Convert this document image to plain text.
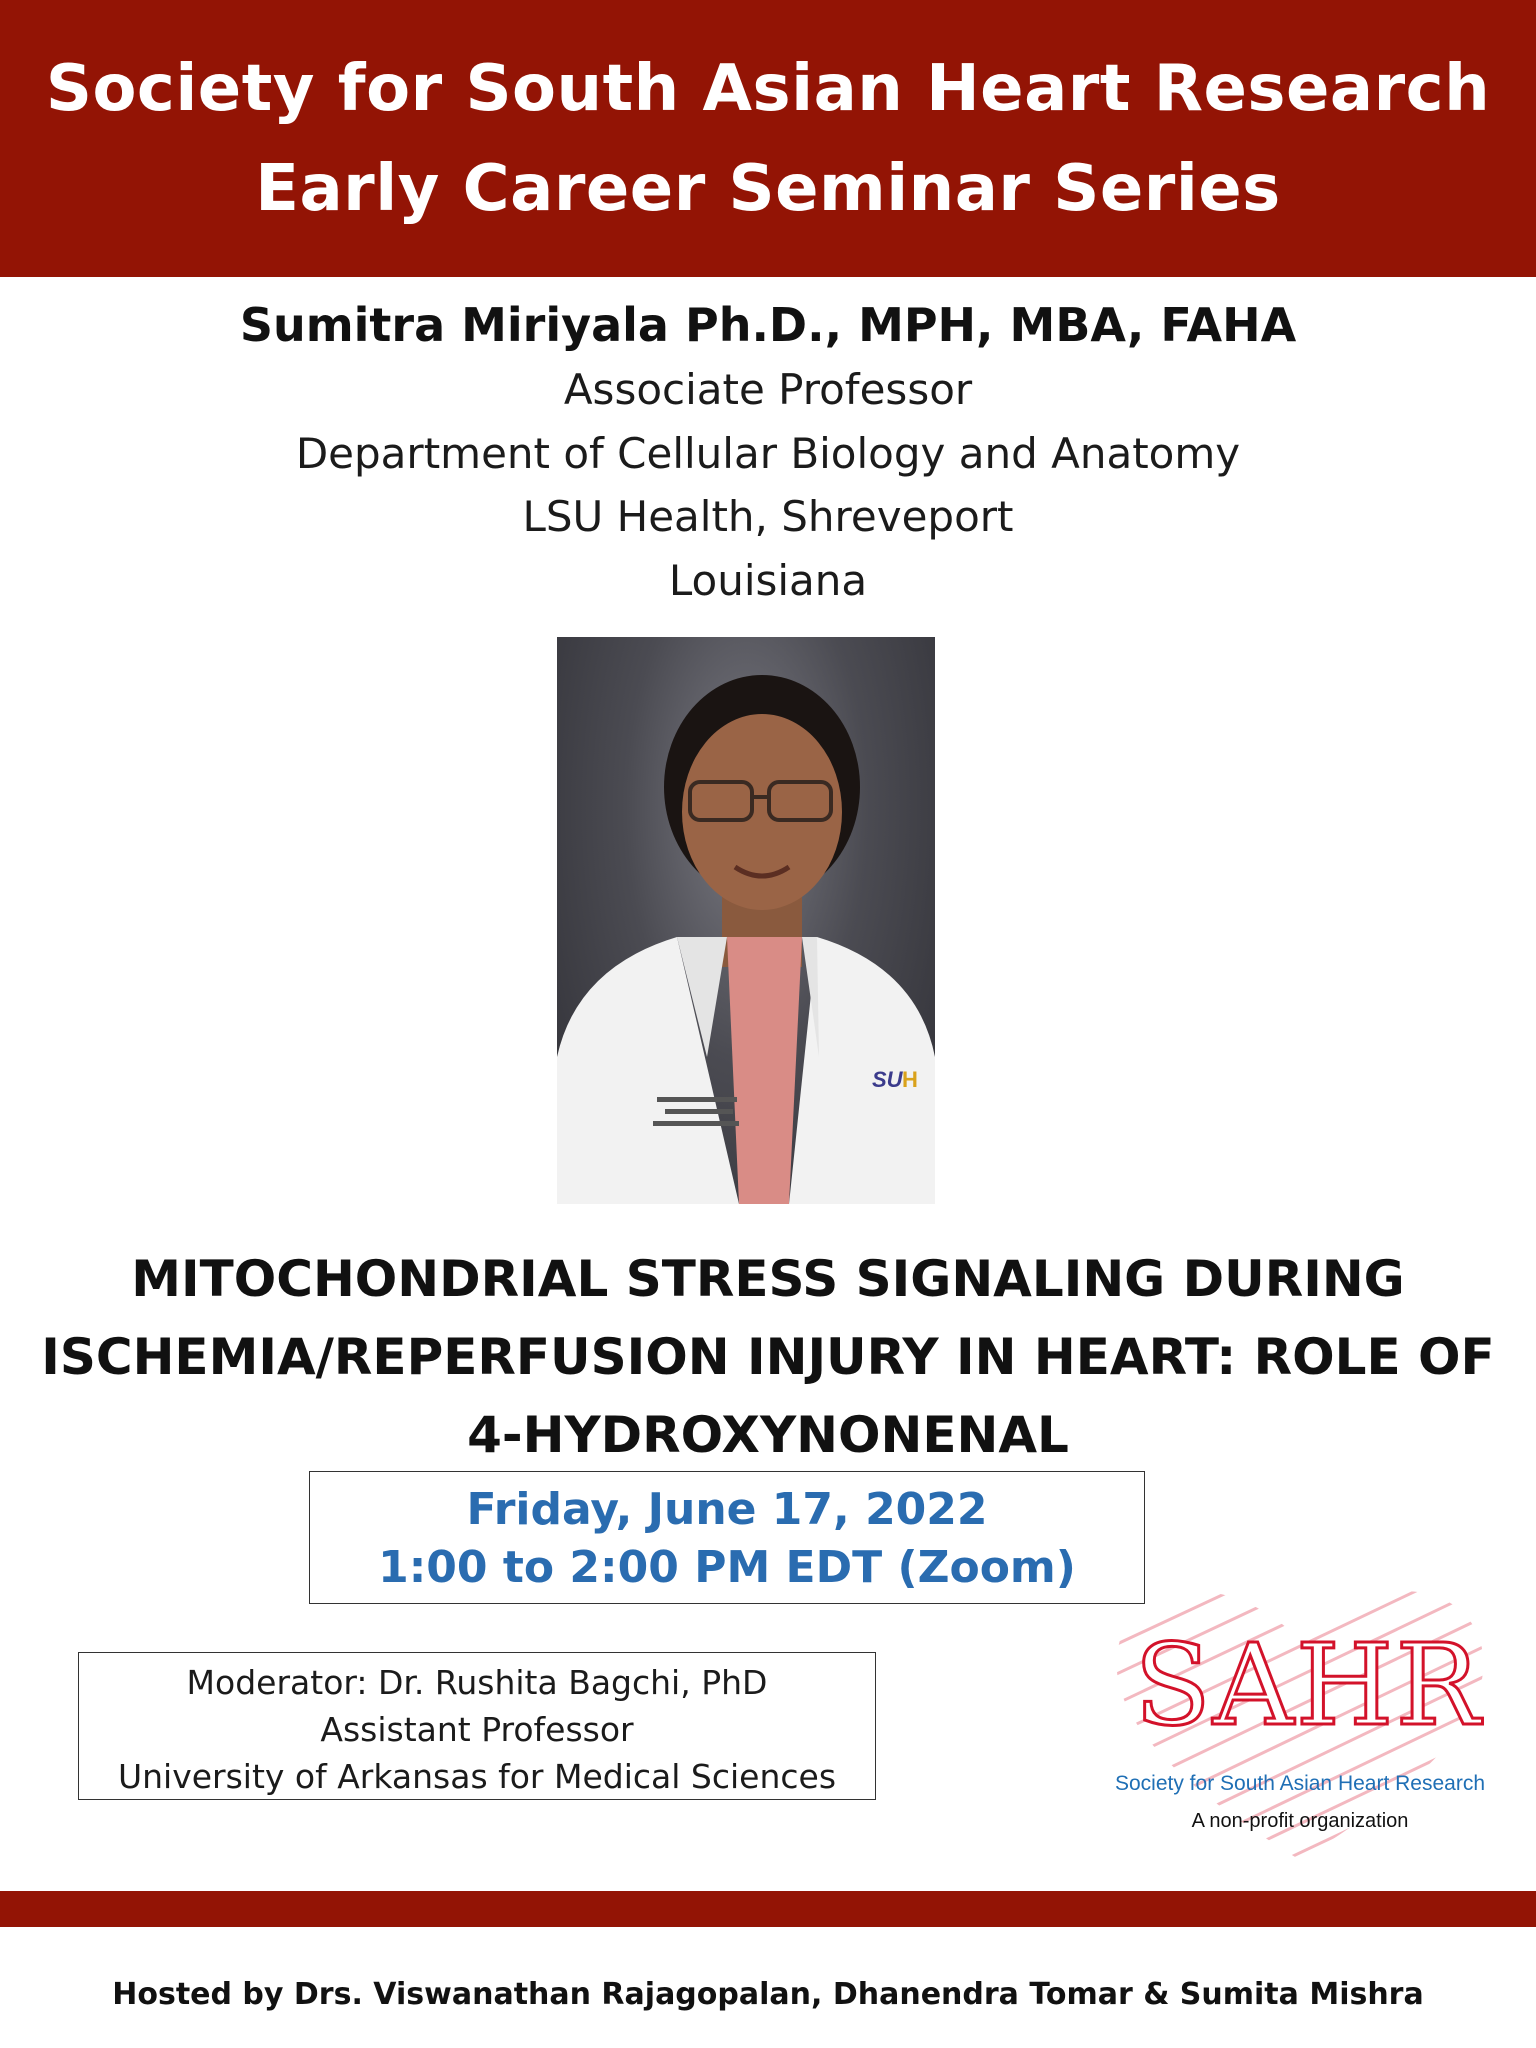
Society for South Asian Heart Research
Early Career Seminar Series
Sumitra Miriyala Ph.D., MPH, MBA, FAHA
Associate Professor
Department of Cellular Biology and Anatomy
LSU Health, Shreveport
Louisiana
SU H
MITOCHONDRIAL STRESS SIGNALING DURING
ISCHEMIA/REPERFUSION INJURY IN HEART: ROLE OF
4-HYDROXYNONENAL
Friday, June 17, 2022
1:00 to 2:00 PM EDT (Zoom)
Moderator: Dr. Rushita Bagchi, PhD
Assistant Professor
University of Arkansas for Medical Sciences
SAHR
Society for South Asian Heart Research
A non-profit organization
Hosted by Drs. Viswanathan Rajagopalan, Dhanendra Tomar & Sumita Mishra
